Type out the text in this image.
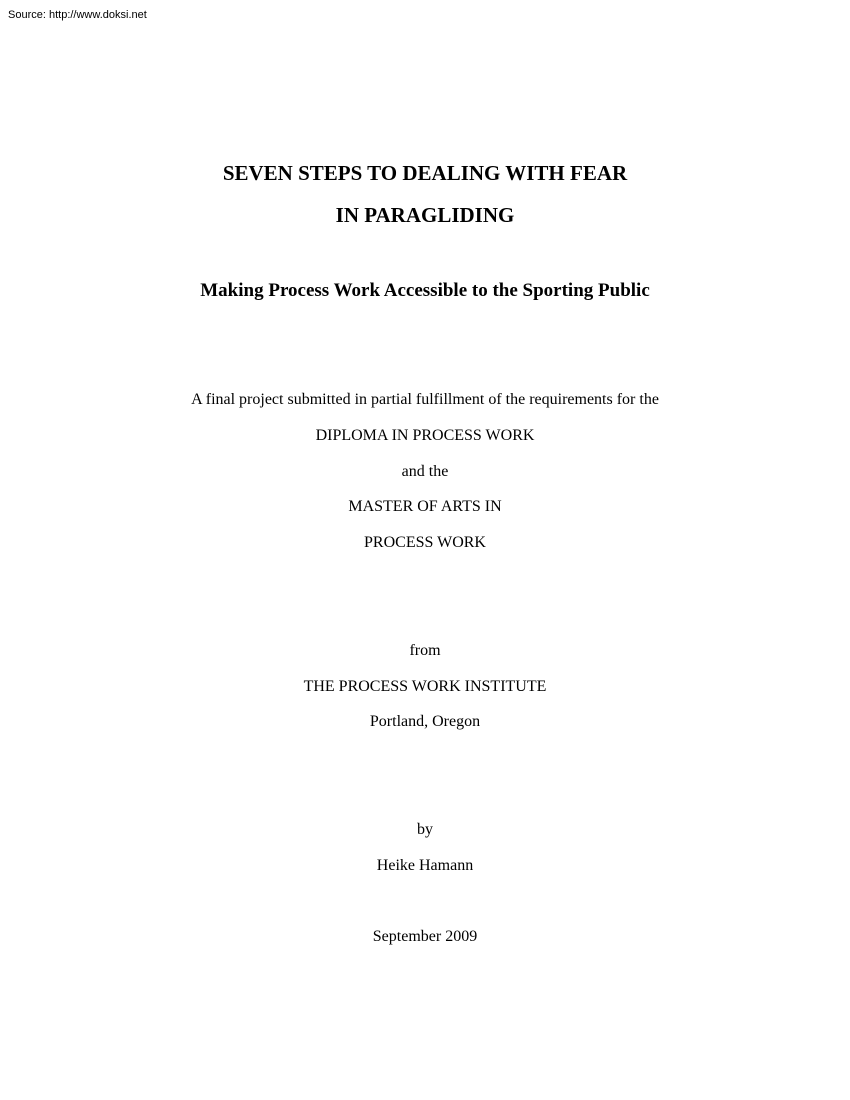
Source: http://www.doksi.net
SEVEN STEPS TO DEALING WITH FEAR
IN PARAGLIDING
Making Process Work Accessible to the Sporting Public
A final project submitted in partial fulfillment of the requirements for the
DIPLOMA IN PROCESS WORK
and the
MASTER OF ARTS IN
PROCESS WORK
from
THE PROCESS WORK INSTITUTE
Portland, Oregon
by
Heike Hamann
September 2009
